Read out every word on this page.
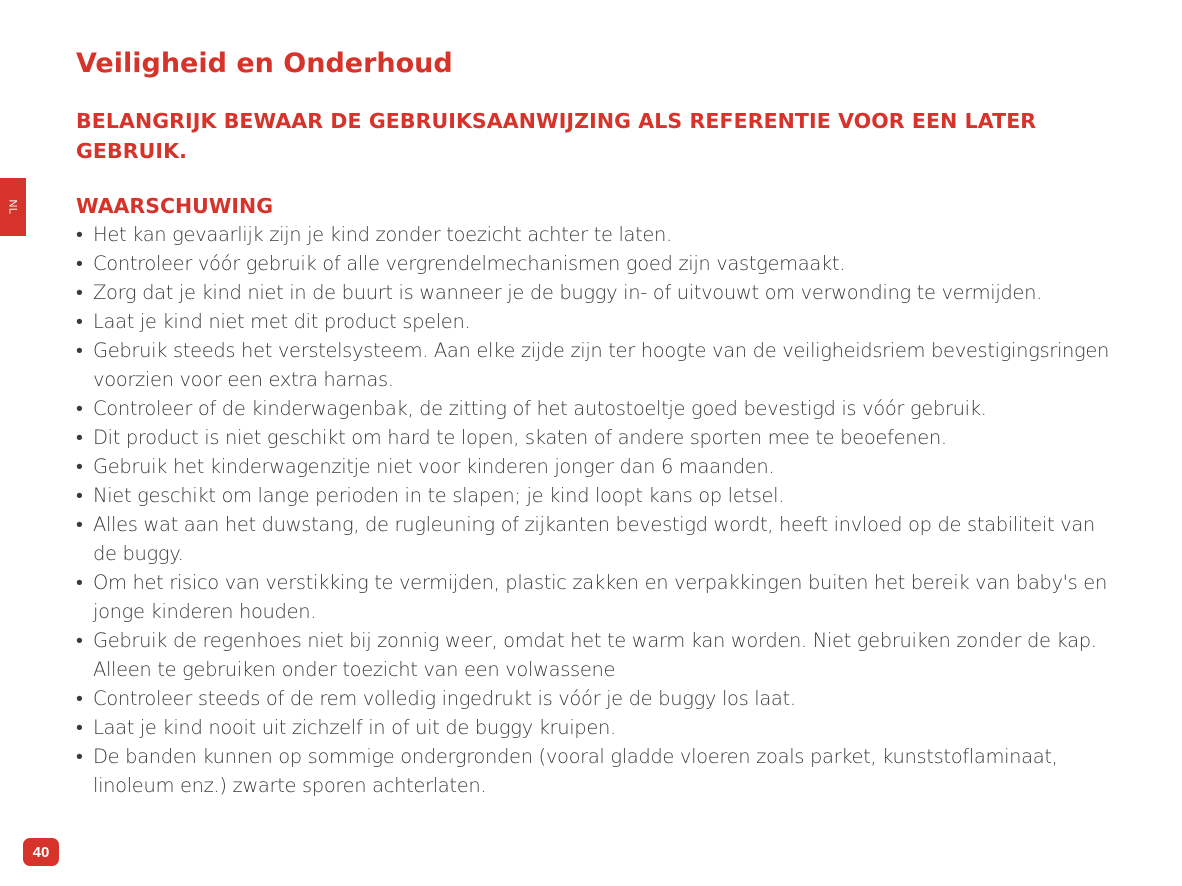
NL
Veiligheid en Onderhoud

BELANGRIJK BEWAAR DE GEBRUIKSAANWIJZING ALS REFERENTIE VOOR EEN LATER GEBRUIK.

WAARSCHUWING
• Het kan gevaarlijk zijn je kind zonder toezicht achter te laten.
• Controleer vóór gebruik of alle vergrendelmechanismen goed zijn vastgemaakt.
• Zorg dat je kind niet in de buurt is wanneer je de buggy in- of uitvouwt om verwonding te vermijden.
• Laat je kind niet met dit product spelen.
• Gebruik steeds het verstelsysteem. Aan elke zijde zijn ter hoogte van de veiligheidsriem bevestigingsringen voorzien voor een extra harnas.
• Controleer of de kinderwagenbak, de zitting of het autostoeltje goed bevestigd is vóór gebruik.
• Dit product is niet geschikt om hard te lopen, skaten of andere sporten mee te beoefenen.
• Gebruik het kinderwagenzitje niet voor kinderen jonger dan 6 maanden.
• Niet geschikt om lange perioden in te slapen; je kind loopt kans op letsel.
• Alles wat aan het duwstang, de rugleuning of zijkanten bevestigd wordt, heeft invloed op de stabiliteit van de buggy.
• Om het risico van verstikking te vermijden, plastic zakken en verpakkingen buiten het bereik van baby's en jonge kinderen houden.
• Gebruik de regenhoes niet bij zonnig weer, omdat het te warm kan worden. Niet gebruiken zonder de kap. Alleen te gebruiken onder toezicht van een volwassene
• Controleer steeds of de rem volledig ingedrukt is vóór je de buggy los laat.
• Laat je kind nooit uit zichzelf in of uit de buggy kruipen.
• De banden kunnen op sommige ondergronden (vooral gladde vloeren zoals parket, kunststoflaminaat, linoleum enz.) zwarte sporen achterlaten.
40
